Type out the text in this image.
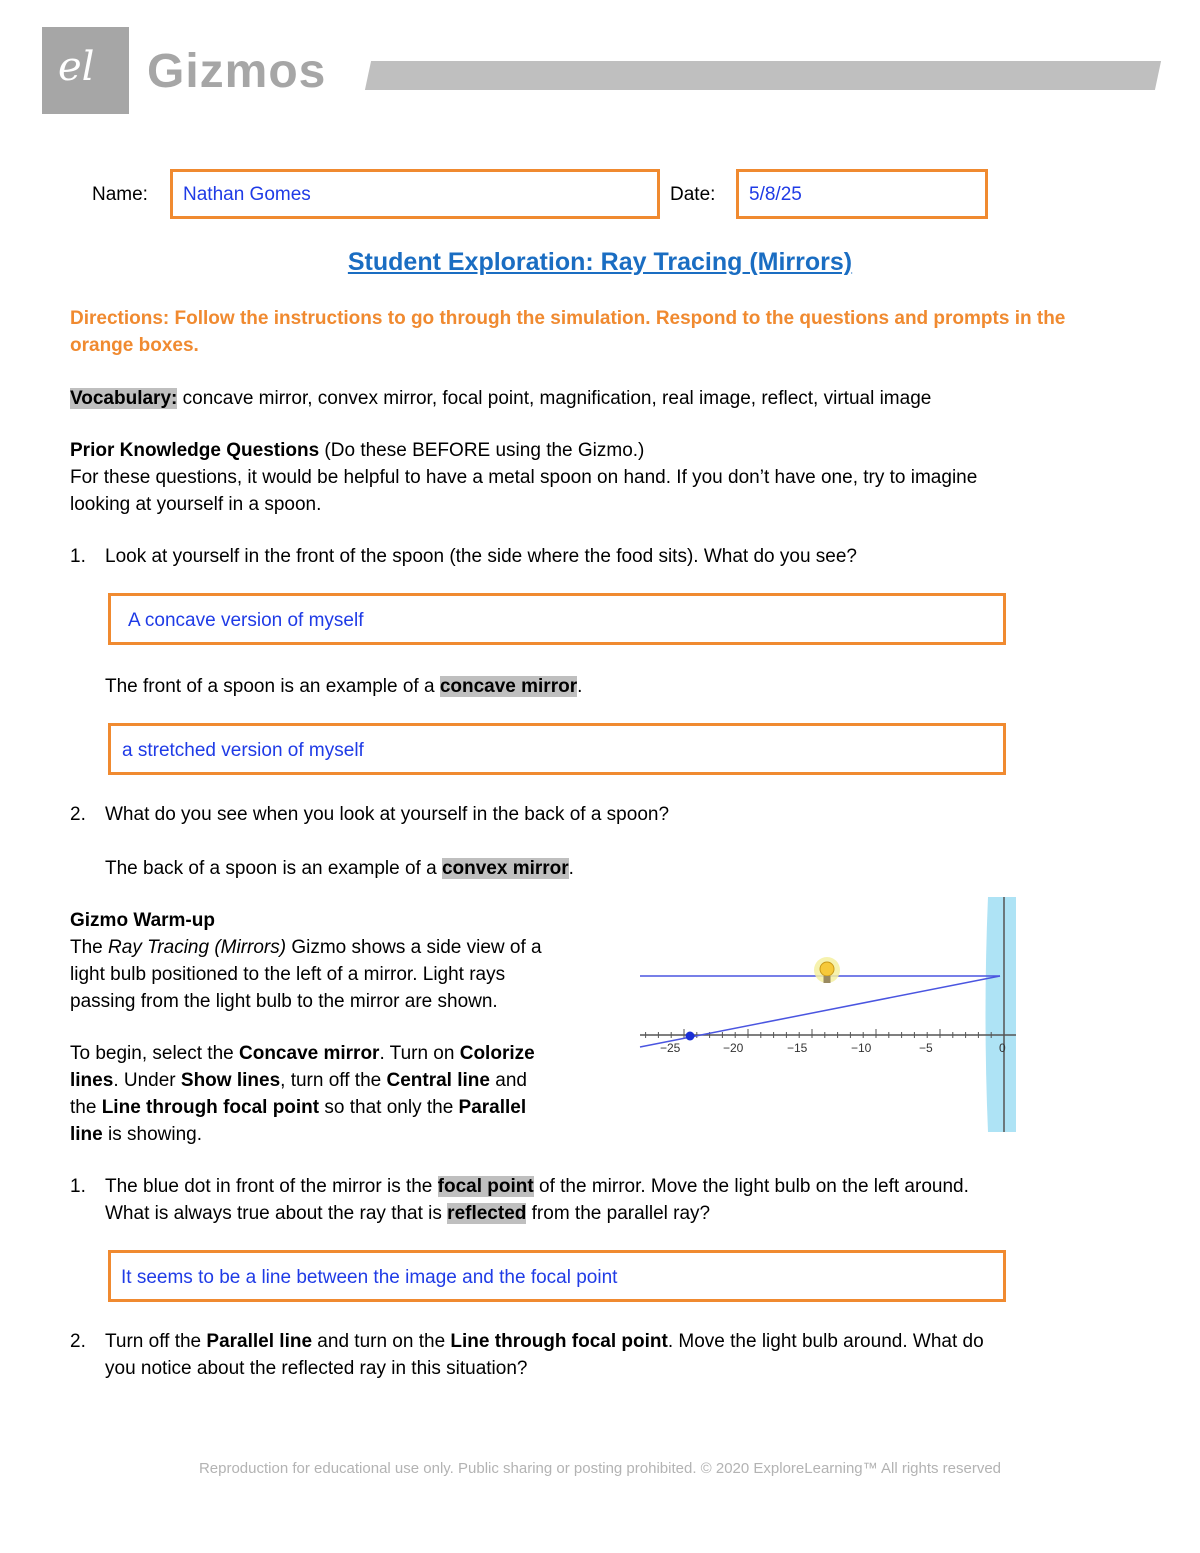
el Gizmos
Name:	Nathan Gomes	Date:	5/8/25
Student Exploration: Ray Tracing (Mirrors)
Directions: Follow the instructions to go through the simulation. Respond to the questions and prompts in the orange boxes.
Vocabulary: concave mirror, convex mirror, focal point, magnification, real image, reflect, virtual image
Prior Knowledge Questions (Do these BEFORE using the Gizmo.)
For these questions, it would be helpful to have a metal spoon on hand. If you don’t have one, try to imagine
looking at yourself in a spoon.
1. Look at yourself in the front of the spoon (the side where the food sits). What do you see?
A concave version of myself
The front of a spoon is an example of a concave mirror.
a stretched version of myself
2. What do you see when you look at yourself in the back of a spoon?
The back of a spoon is an example of a convex mirror.
Gizmo Warm-up
The Ray Tracing (Mirrors) Gizmo shows a side view of a
light bulb positioned to the left of a mirror. Light rays
passing from the light bulb to the mirror are shown.
To begin, select the Concave mirror. Turn on Colorize
lines. Under Show lines, turn off the Central line and
the Line through focal point so that only the Parallel
line is showing.
−25	−20	−15	−10	−5	0
1. The blue dot in front of the mirror is the focal point of the mirror. Move the light bulb on the left around.
What is always true about the ray that is reflected from the parallel ray?
It seems to be a line between the image and the focal point
2. Turn off the Parallel line and turn on the Line through focal point. Move the light bulb around. What do
you notice about the reflected ray in this situation?
Reproduction for educational use only. Public sharing or posting prohibited. © 2020 ExploreLearning™ All rights reserved
